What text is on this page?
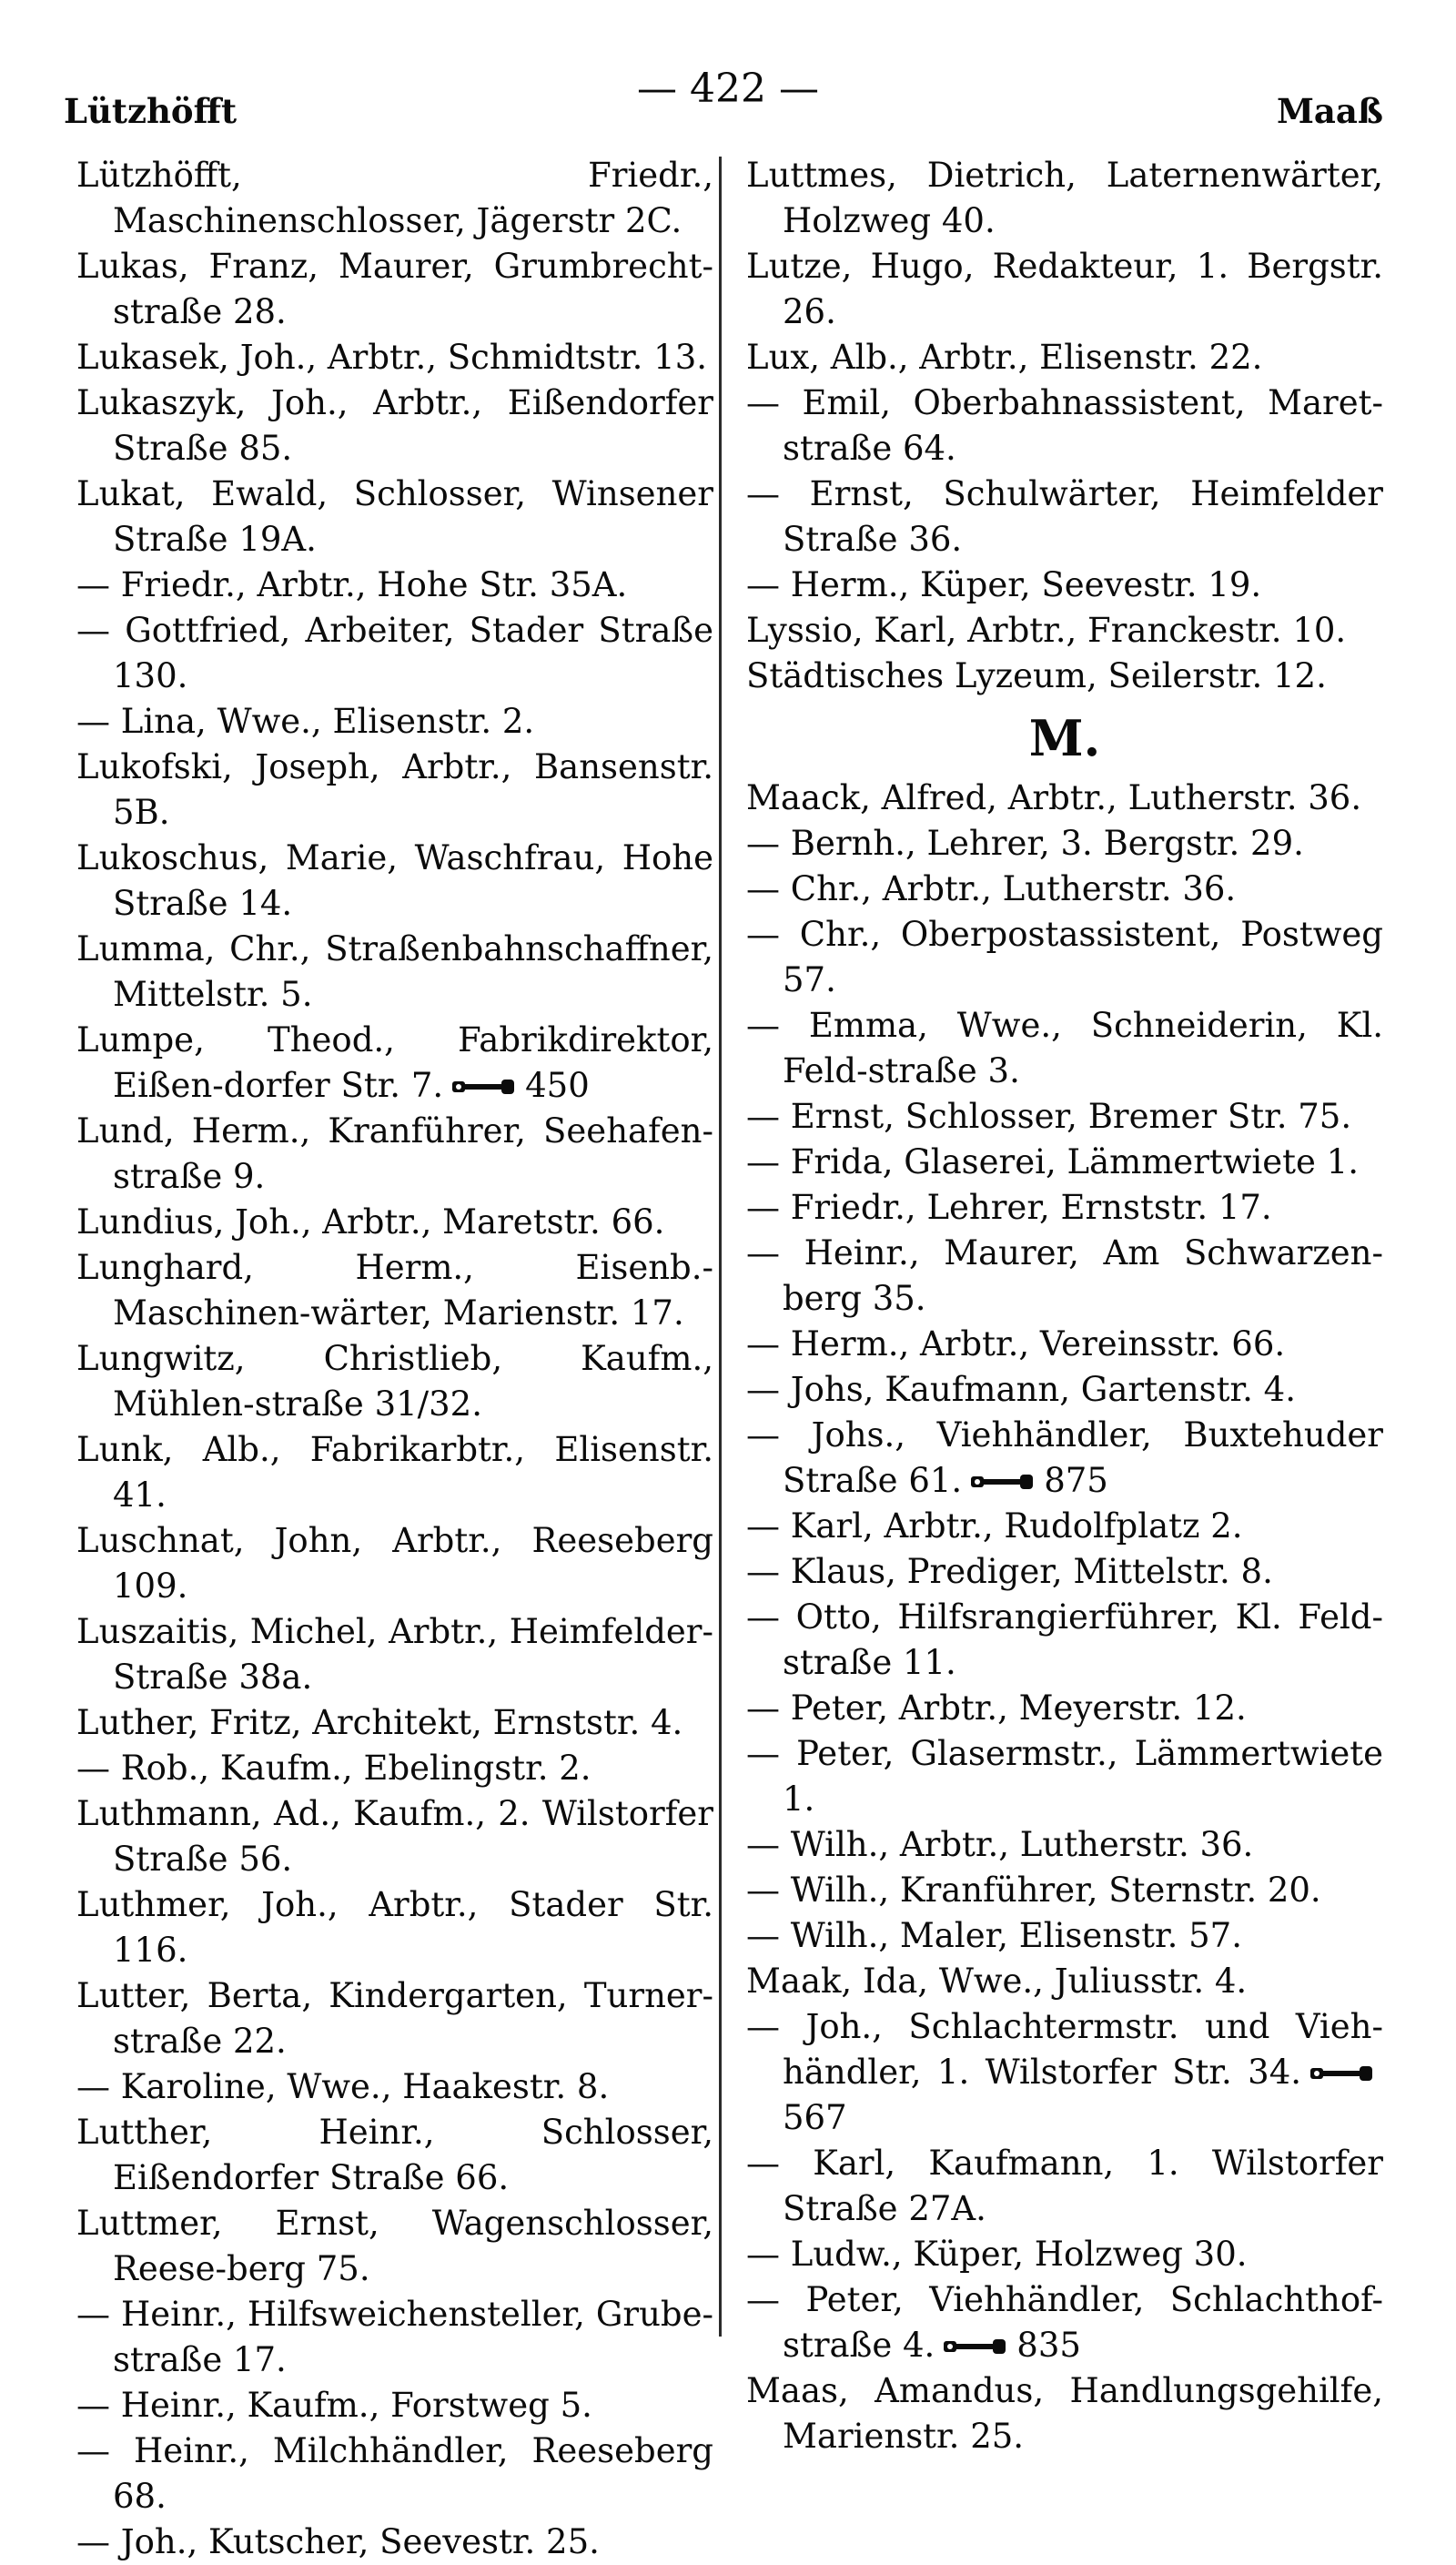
Lützhöfft	— 422 —	Maaß
Lützhöfft, Friedr., Maschinenschlosser, Jägerstr 2C.
Lukas, Franz, Maurer, Grumbrecht-straße 28.
Lukasek, Joh., Arbtr., Schmidtstr. 13.
Lukaszyk, Joh., Arbtr., Eißendorfer Straße 85.
Lukat, Ewald, Schlosser, Winsener Straße 19A.
— Friedr., Arbtr., Hohe Str. 35A.
— Gottfried, Arbeiter, Stader Straße 130.
— Lina, Wwe., Elisenstr. 2.
Lukofski, Joseph, Arbtr., Bansenstr. 5B.
Lukoschus, Marie, Waschfrau, Hohe Straße 14.
Lumma, Chr., Straßenbahnschaffner, Mittelstr. 5.
Lumpe, Theod., Fabrikdirektor, Eißen-dorfer Str. 7. 450
Lund, Herm., Kranführer, Seehafen-straße 9.
Lundius, Joh., Arbtr., Maretstr. 66.
Lunghard, Herm., Eisenb.-Maschinen-wärter, Marienstr. 17.
Lungwitz, Christlieb, Kaufm., Mühlen-straße 31/32.
Lunk, Alb., Fabrikarbtr., Elisenstr. 41.
Luschnat, John, Arbtr., Reeseberg 109.
Luszaitis, Michel, Arbtr., Heimfelder-Straße 38a.
Luther, Fritz, Architekt, Ernststr. 4.
— Rob., Kaufm., Ebelingstr. 2.
Luthmann, Ad., Kaufm., 2. Wilstorfer Straße 56.
Luthmer, Joh., Arbtr., Stader Str. 116.
Lutter, Berta, Kindergarten, Turner-straße 22.
— Karoline, Wwe., Haakestr. 8.
Lutther, Heinr., Schlosser, Eißendorfer Straße 66.
Luttmer, Ernst, Wagenschlosser, Reese-berg 75.
— Heinr., Hilfsweichensteller, Grube-straße 17.
— Heinr., Kaufm., Forstweg 5.
— Heinr., Milchhändler, Reeseberg 68.
— Joh., Kutscher, Seevestr. 25.
Luttmes, Dietrich, Laternenwärter, Holzweg 40.
Lutze, Hugo, Redakteur, 1. Bergstr. 26.
Lux, Alb., Arbtr., Elisenstr. 22.
— Emil, Oberbahnassistent, Maret-straße 64.
— Ernst, Schulwärter, Heimfelder Straße 36.
— Herm., Küper, Seevestr. 19.
Lyssio, Karl, Arbtr., Franckestr. 10.
Städtisches Lyzeum, Seilerstr. 12.
M.
Maack, Alfred, Arbtr., Lutherstr. 36.
— Bernh., Lehrer, 3. Bergstr. 29.
— Chr., Arbtr., Lutherstr. 36.
— Chr., Oberpostassistent, Postweg 57.
— Emma, Wwe., Schneiderin, Kl. Feld-straße 3.
— Ernst, Schlosser, Bremer Str. 75.
— Frida, Glaserei, Lämmertwiete 1.
— Friedr., Lehrer, Ernststr. 17.
— Heinr., Maurer, Am Schwarzen-berg 35.
— Herm., Arbtr., Vereinsstr. 66.
— Johs, Kaufmann, Gartenstr. 4.
— Johs., Viehhändler, Buxtehuder Straße 61. 875
— Karl, Arbtr., Rudolfplatz 2.
— Klaus, Prediger, Mittelstr. 8.
— Otto, Hilfsrangierführer, Kl. Feld-straße 11.
— Peter, Arbtr., Meyerstr. 12.
— Peter, Glasermstr., Lämmertwiete 1.
— Wilh., Arbtr., Lutherstr. 36.
— Wilh., Kranführer, Sternstr. 20.
— Wilh., Maler, Elisenstr. 57.
Maak, Ida, Wwe., Juliusstr. 4.
— Joh., Schlachtermstr. und Vieh-händler, 1. Wilstorfer Str. 34.567
— Karl, Kaufmann, 1. Wilstorfer Straße 27A.
— Ludw., Küper, Holzweg 30.
— Peter, Viehhändler, Schlachthof-straße 4. 835
Maas, Amandus, Handlungsgehilfe, Marienstr. 25.
